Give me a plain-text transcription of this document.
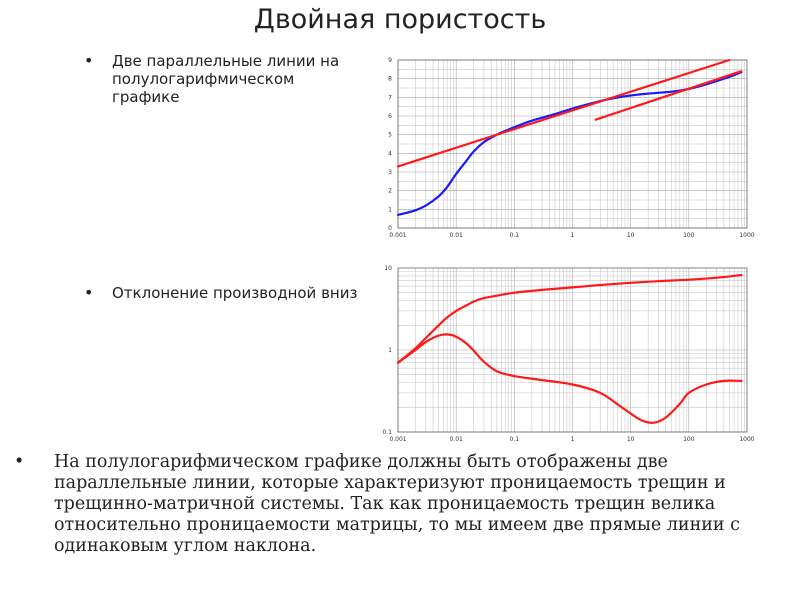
Двойная пористость
•	Две параллельные линии на полулогарифмическом графике
•	Отклонение производной вниз
0.001	0.01	0.1	1	10	100	1000
0
1
2
3
4
5
6
7
8
9
0.001	0.01	0.1	1	10	100	1000
0.1
1
10
•	На полулогарифмическом графике должны быть отображены две параллельные линии, которые характеризуют проницаемость трещин и трещинно-матричной системы. Так как проницаемость трещин велика относительно проницаемости матрицы, то мы имеем две прямые линии с одинаковым углом наклона.
